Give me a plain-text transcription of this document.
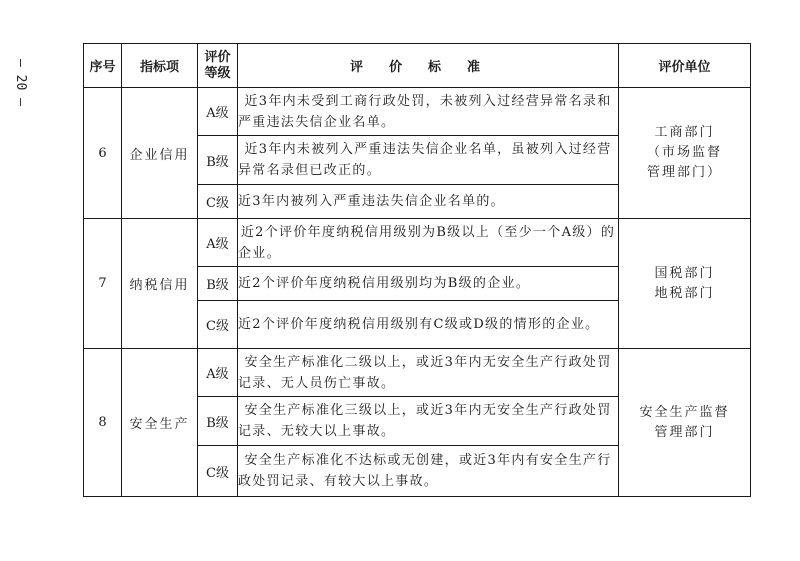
— 20 —	序号	指标项	评价
等级	评价标准	评价单位
6	企业信用	A级	近3年内未受到工商行政处罚，未被列入过经营异常名录和严重违法失信企业名单。	工商部门
（市场监督
管理部门）

		B级	近3年内未被列入严重违法失信企业名单，虽被列入过经营异常名录但已改正的。	
		C级	近3年内被列入严重违法失信企业名单的。	
7	纳税信用	A级	近2个评价年度纳税信用级别为B级以上（至少一个A级）的企业。	国税部门
地税部门

		B级	近2个评价年度纳税信用级别均为B级的企业。	
		C级	近2个评价年度纳税信用级别有C级或D级的情形的企业。	
8	安全生产	A级	安全生产标准化二级以上，或近3年内无安全生产行政处罚记录、无人员伤亡事故。	安全生产监督
管理部门

		B级	安全生产标准化三级以上，或近3年内无安全生产行政处罚记录、无较大以上事故。	
		C级	安全生产标准化不达标或无创建，或近3年内有安全生产行政处罚记录、有较大以上事故。	
